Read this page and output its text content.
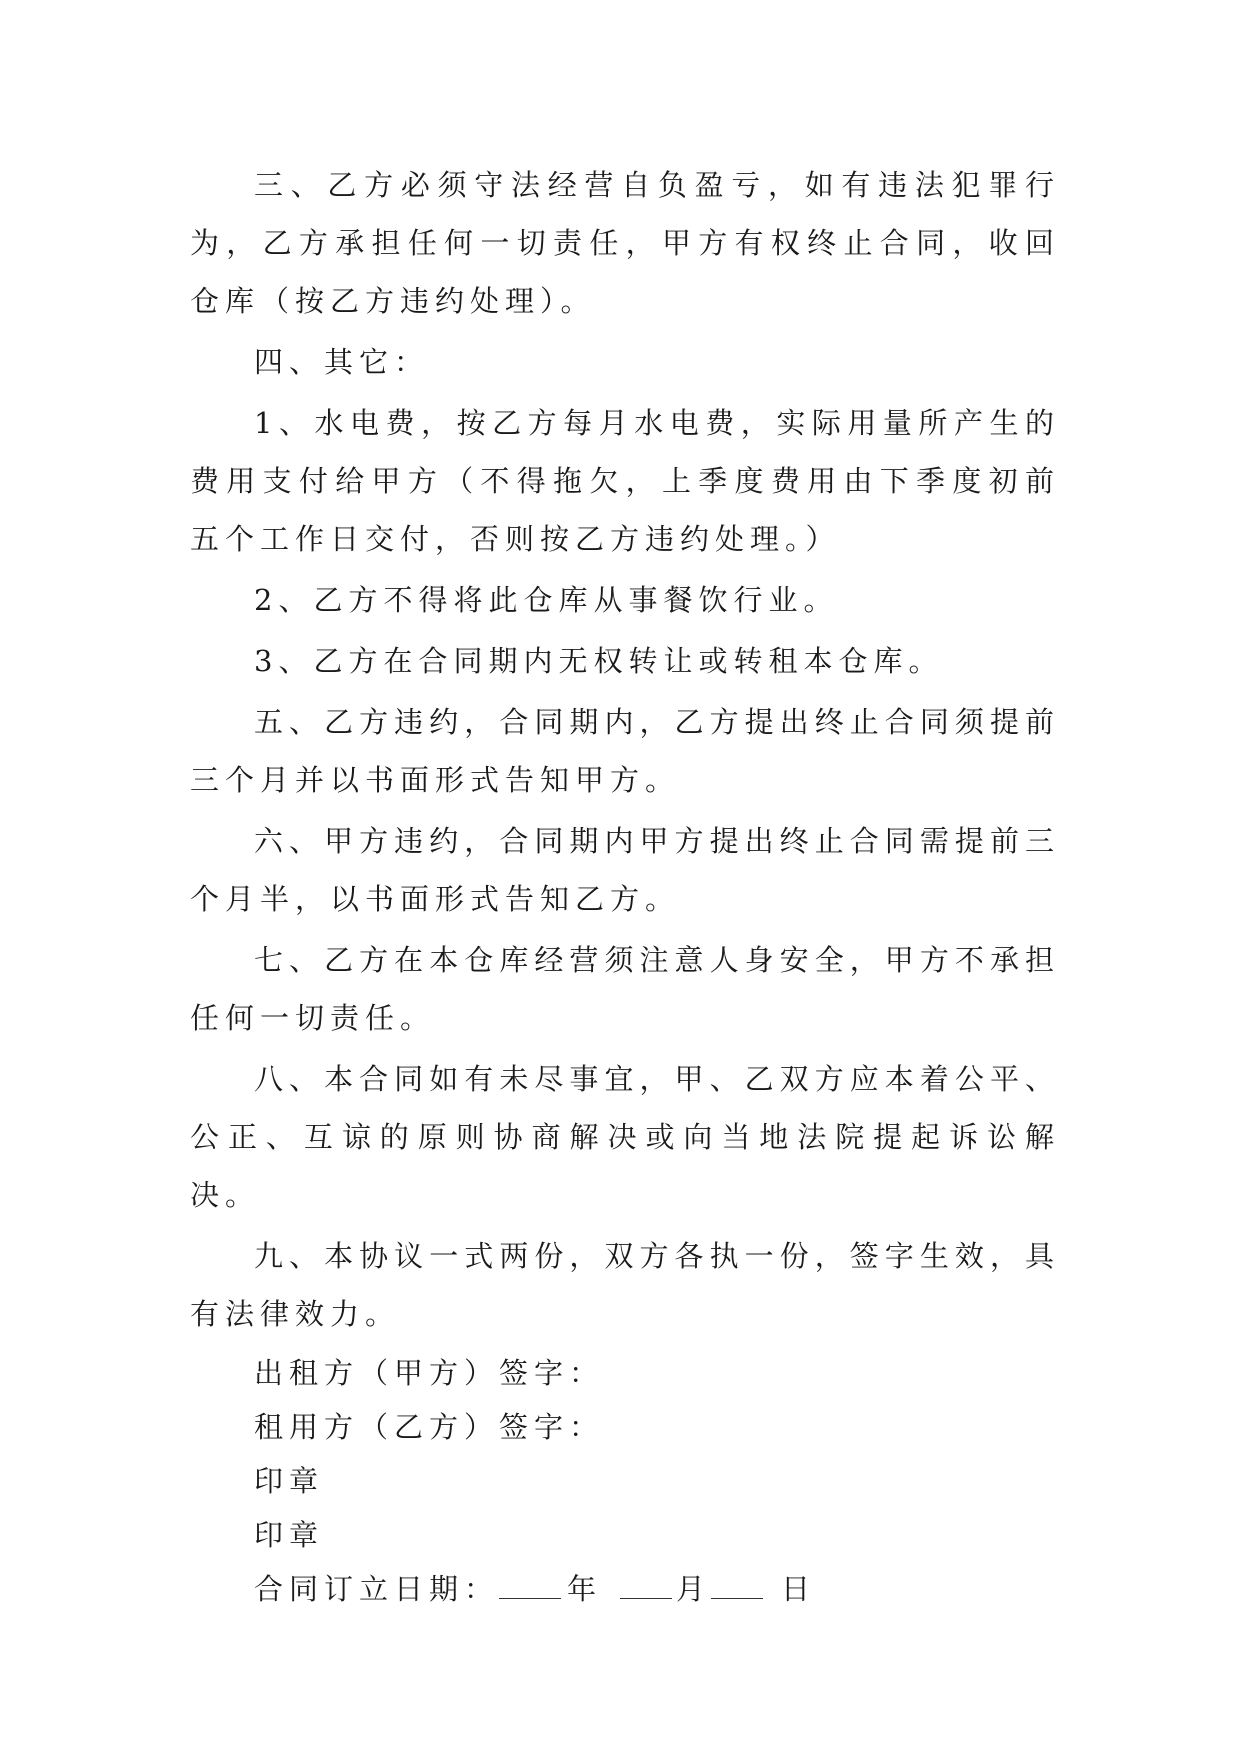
三、乙方必须守法经营自负盈亏，如有违法犯罪行为，乙方承担任何一切责任，甲方有权终止合同，收回仓库（按乙方违约处理）。

四、其它：

1、水电费，按乙方每月水电费，实际用量所产生的费用支付给甲方（不得拖欠，上季度费用由下季度初前五个工作日交付，否则按乙方违约处理。）

2、乙方不得将此仓库从事餐饮行业。

3、乙方在合同期内无权转让或转租本仓库。

五、乙方违约，合同期内，乙方提出终止合同须提前三个月并以书面形式告知甲方。

六、甲方违约，合同期内甲方提出终止合同需提前三个月半，以书面形式告知乙方。

七、乙方在本仓库经营须注意人身安全，甲方不承担任何一切责任。

八、本合同如有未尽事宜，甲、乙双方应本着公平、公正、互谅的原则协商解决或向当地法院提起诉讼解决。

九、本协议一式两份，双方各执一份，签字生效，具有法律效力。

出租方（甲方）签字：

租用方（乙方）签字：

印章

印章

合同订立日期： 年	月 日
